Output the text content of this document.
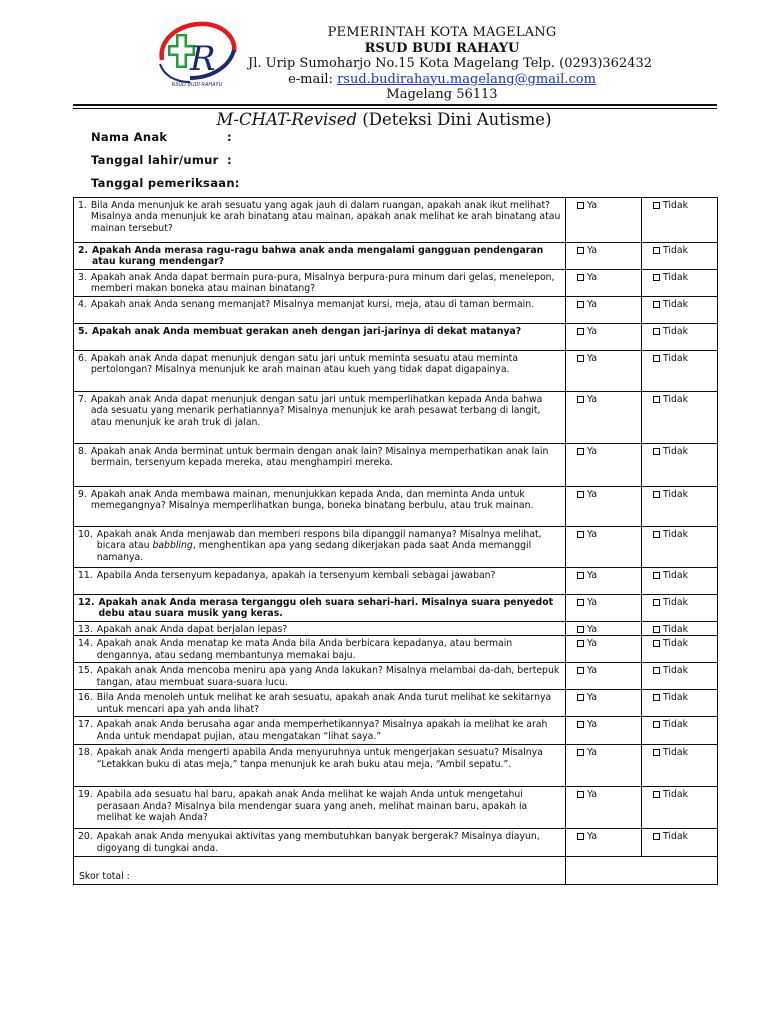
R
RSUD BUDI RAHAYU
PEMERINTAH KOTA MAGELANG
RSUD BUDI RAHAYU
Jl. Urip Sumoharjo No.15 Kota Magelang Telp. (0293)362432
e-mail: rsud.budirahayu.magelang@gmail.com
Magelang 56113
M-CHAT-Revised (Deteksi Dini Autisme)
Nama Anak	:
Tanggal lahir/umur :
Tanggal pemeriksaan:
1. Bila Anda menunjuk ke arah sesuatu yang agak jauh di dalam ruangan, apakah anak ikut melihat? Misalnya anda menunjuk ke arah binatang atau mainan, apakah anak melihat ke arah binatang atau mainan tersebut?	Ya	Tidak

2. Apakah Anda merasa ragu-ragu bahwa anak anda mengalami gangguan pendengaran atau kurang mendengar?	Ya	Tidak

3. Apakah anak Anda dapat bermain pura-pura, Misalnya berpura-pura minum dari gelas, menelepon, memberi makan boneka atau mainan binatang?	Ya	Tidak

4. Apakah anak Anda senang memanjat? Misalnya memanjat kursi, meja, atau di taman bermain.	Ya	Tidak

5. Apakah anak Anda membuat gerakan aneh dengan jari-jarinya di dekat matanya?	Ya	Tidak

6. Apakah anak Anda dapat menunjuk dengan satu jari untuk meminta sesuatu atau meminta pertolongan? Misalnya menunjuk ke arah mainan atau kueh yang tidak dapat digapainya.	Ya	Tidak

7. Apakah anak Anda dapat menunjuk dengan satu jari untuk memperlihatkan kepada Anda bahwa ada sesuatu yang menarik perhatiannya? Misalnya menunjuk ke arah pesawat terbang di langit, atau menunjuk ke arah truk di jalan.	Ya	Tidak

8. Apakah anak Anda berminat untuk bermain dengan anak lain? Misalnya memperhatikan anak lain bermain, tersenyum kepada mereka, atau menghampiri mereka.	Ya	Tidak

9. Apakah anak Anda membawa mainan, menunjukkan kepada Anda, dan meminta Anda untuk memegangnya? Misalnya memperlihatkan bunga, boneka binatang berbulu, atau truk mainan.	Ya	Tidak

10. Apakah anak Anda menjawab dan memberi respons bila dipanggil namanya? Misalnya melihat, bicara atau babbling, menghentikan apa yang sedang dikerjakan pada saat Anda memanggil namanya.	Ya	Tidak

11. Apabila Anda tersenyum kepadanya, apakah ia tersenyum kembali sebagai jawaban?	Ya	Tidak

12. Apakah anak Anda merasa terganggu oleh suara sehari-hari. Misalnya suara penyedot debu atau suara musik yang keras.	Ya	Tidak

13. Apakah anak Anda dapat berjalan lepas?	Ya	Tidak

14. Apakah anak Anda menatap ke mata Anda bila Anda berbicara kepadanya, atau bermain dengannya, atau sedang membantunya memakai baju.	Ya	Tidak

15. Apakah anak Anda mencoba meniru apa yang Anda lakukan? Misalnya melambai da-dah, bertepuk tangan, atau membuat suara-suara lucu.	Ya	Tidak

16. Bila Anda menoleh untuk melihat ke arah sesuatu, apakah anak Anda turut melihat ke sekitarnya untuk mencari apa yah anda lihat?	Ya	Tidak

17. Apakah anak Anda berusaha agar anda memperhetikannya? Misalnya apakah ia melihat ke arah Anda untuk mendapat pujian, atau mengatakan “lihat saya.”	Ya	Tidak

18. Apakah anak Anda mengerti apabila Anda menyuruhnya untuk mengerjakan sesuatu? Misalnya “Letakkan buku di atas meja,” tanpa menunjuk ke arah buku atau meja, “Ambil sepatu.”.	Ya	Tidak

19. Apabila ada sesuatu hal baru, apakah anak Anda melihat ke wajah Anda untuk mengetahui perasaan Anda? Misalnya bila mendengar suara yang aneh, melihat mainan baru, apakah ia melihat ke wajah Anda?	Ya	Tidak

20. Apakah anak Anda menyukai aktivitas yang membutuhkan banyak bergerak? Misalnya diayun, digoyang di tungkai anda.	Ya	Tidak
Skor total :		
